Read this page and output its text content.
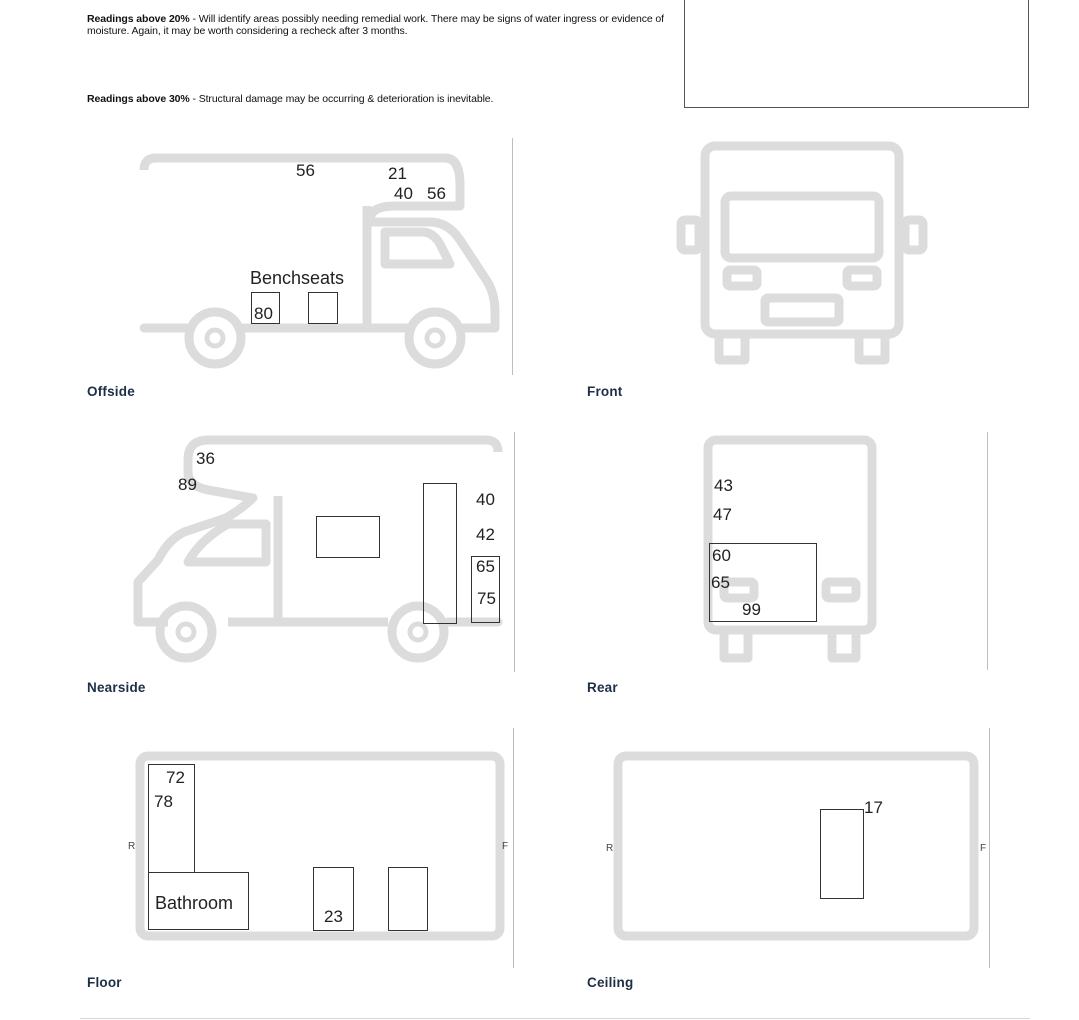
Readings above 20% - Will identify areas possibly needing remedial work. There may be signs of water ingress or evidence of moisture. Again, it may be worth considering a recheck after 3 months.

Readings above 30% - Structural damage may be occurring & deterioration is inevitable.

56	21
40 56
Benchseats
80
Offside	Front
36
89
40
42
65
75
Nearside
43
47
60
65
99
Rear
R	F
72
78
Bathroom
23
Floor
R	F
17
Ceiling
